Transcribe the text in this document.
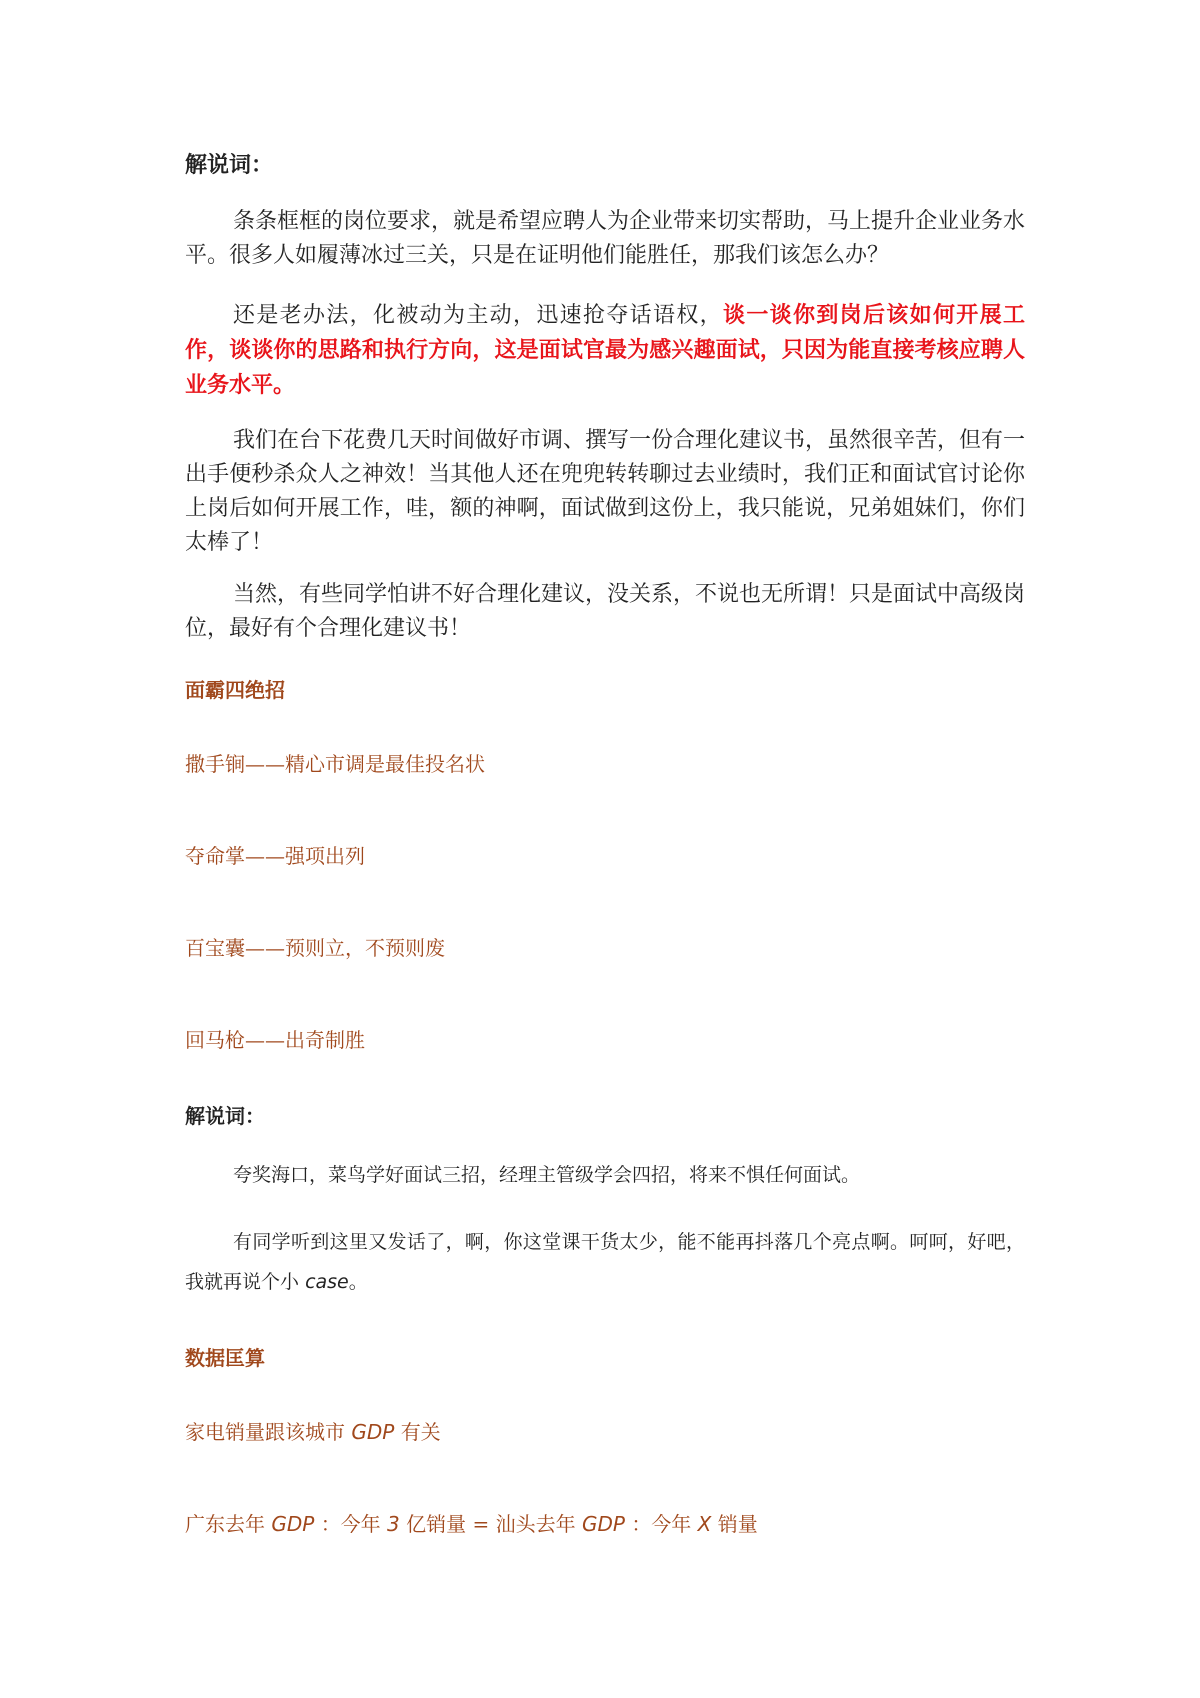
解说词：

条条框框的岗位要求，就是希望应聘人为企业带来切实帮助，马上提升企业业务水平。很多人如履薄冰过三关，只是在证明他们能胜任，那我们该怎么办？

还是老办法，化被动为主动，迅速抢夺话语权，谈一谈你到岗后该如何开展工作，谈谈你的思路和执行方向，这是面试官最为感兴趣面试，只因为能直接考核应聘人业务水平。

我们在台下花费几天时间做好市调、撰写一份合理化建议书，虽然很辛苦，但有一出手便秒杀众人之神效！当其他人还在兜兜转转聊过去业绩时，我们正和面试官讨论你上岗后如何开展工作，哇，额的神啊，面试做到这份上，我只能说，兄弟姐妹们，你们太棒了！

当然，有些同学怕讲不好合理化建议，没关系，不说也无所谓！只是面试中高级岗位，最好有个合理化建议书！

面霸四绝招

撒手锏——精心市调是最佳投名状

夺命掌——强项出列

百宝囊——预则立，不预则废

回马枪——出奇制胜

解说词：

夸奖海口，菜鸟学好面试三招，经理主管级学会四招，将来不惧任何面试。

有同学听到这里又发话了，啊，你这堂课干货太少，能不能再抖落几个亮点啊。呵呵，好吧，我就再说个小 case。

数据匡算

家电销量跟该城市 GDP 有关

广东去年 GDP ：今年 3 亿销量 = 汕头去年 GDP ：今年 X 销量
